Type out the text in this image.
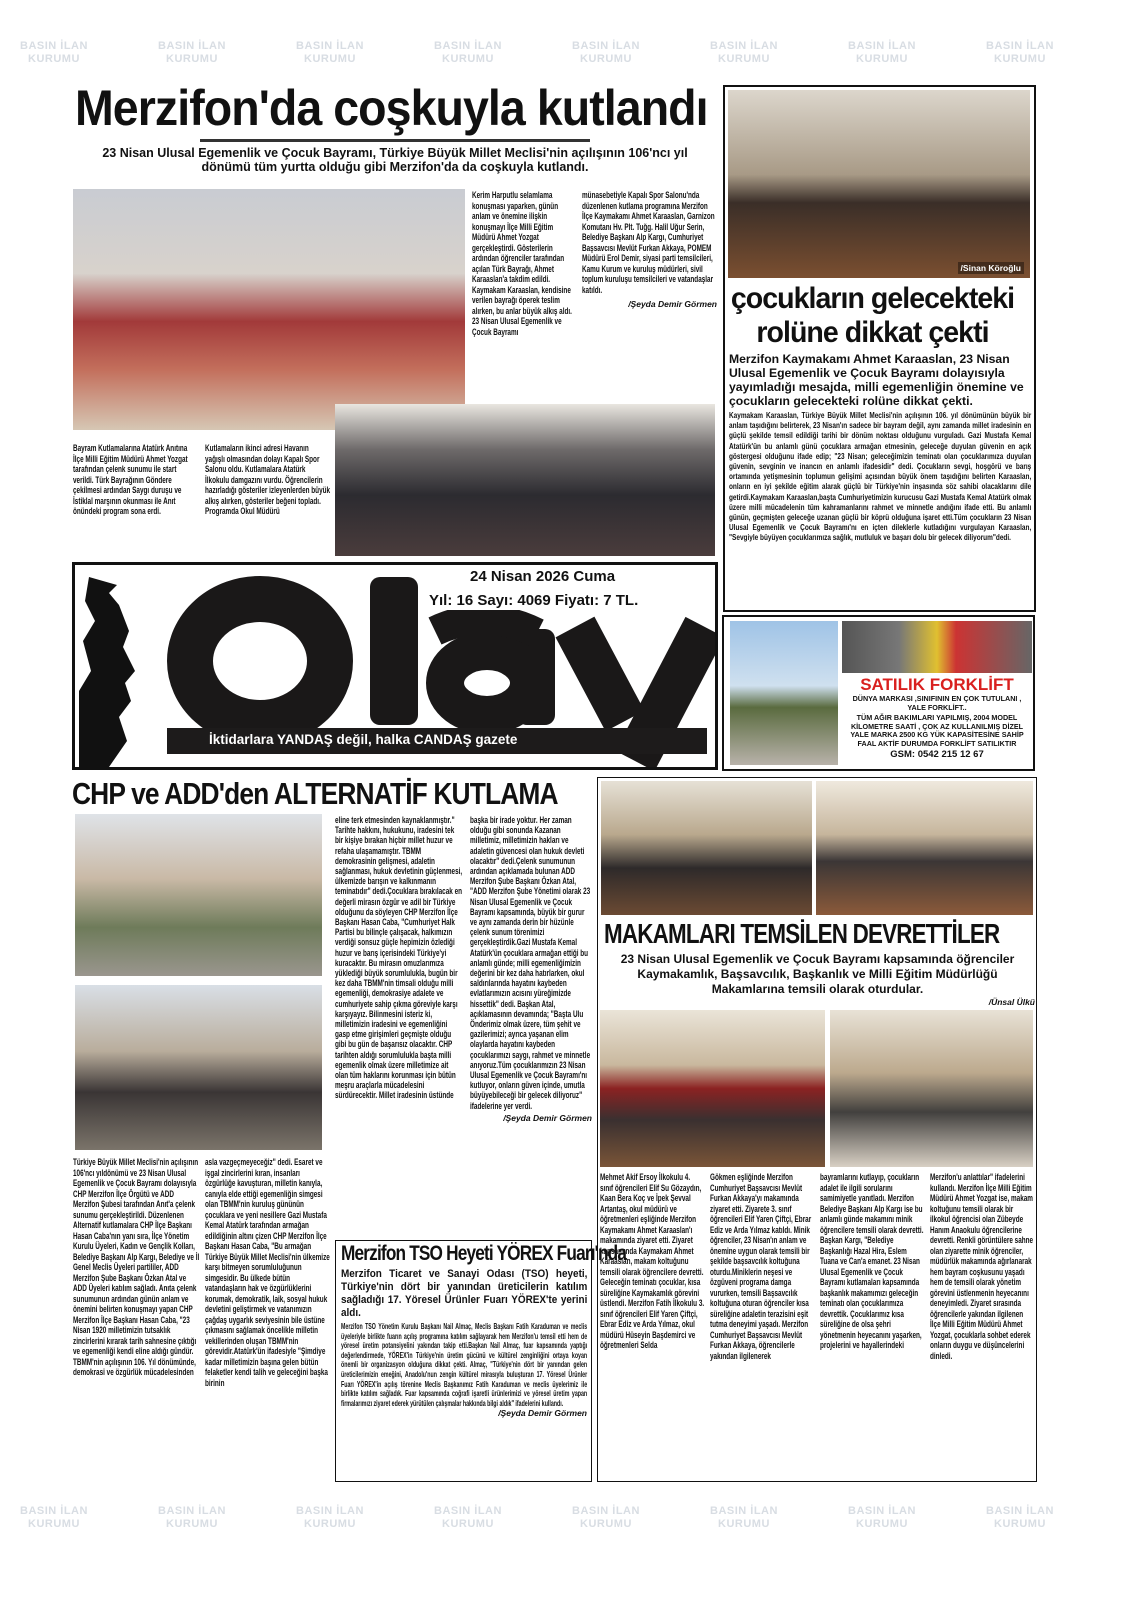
BASIN İLAN
KURUMU
BASIN İLAN
KURUMU
BASIN İLAN
KURUMU
BASIN İLAN
KURUMU
BASIN İLAN
KURUMU
BASIN İLAN
KURUMU
BASIN İLAN
KURUMU
BASIN İLAN
KURUMU
BASIN İLAN
KURUMU
BASIN İLAN
KURUMU
BASIN İLAN
KURUMU
BASIN İLAN
KURUMU
BASIN İLAN
KURUMU
BASIN İLAN
KURUMU
BASIN İLAN
KURUMU
BASIN İLAN
KURUMU
Merzifon'da coşkuyla kutlandı
23 Nisan Ulusal Egemenlik ve Çocuk Bayramı, Türkiye Büyük Millet Meclisi'nin açılışının 106'ncı yıl dönümü tüm yurtta olduğu gibi Merzifon'da da coşkuyla kutlandı.
Kerim Harputlu selamlama konuşması yaparken, günün anlam ve önemine ilişkin konuşmayı İlçe Milli Eğitim Müdürü Ahmet Yozgat gerçekleştirdi. Gösterilerin ardından öğrenciler tarafından açılan Türk Bayrağı, Ahmet Karaaslan'a takdim edildi. Kaymakam Karaaslan, kendisine verilen bayrağı öperek teslim alırken, bu anlar büyük alkış aldı. 23 Nisan Ulusal Egemenlik ve Çocuk Bayramı
münasebetiyle Kapalı Spor Salonu'nda düzenlenen kutlama programına Merzifon İlçe Kaymakamı Ahmet Karaaslan, Garnizon Komutanı Hv. Plt. Tuğg. Halil Uğur Serin, Belediye Başkanı Alp Kargı, Cumhuriyet Başsavcısı Mevlüt Furkan Akkaya, POMEM Müdürü Erol Demir, siyasi parti temsilcileri, Kamu Kurum ve kuruluş müdürleri, sivil toplum kuruluşu temsilcileri ve vatandaşlar katıldı.
/Şeyda Demir Görmen
Bayram Kutlamalarına Atatürk Anıtına İlçe Milli Eğitim Müdürü Ahmet Yozgat tarafından çelenk sunumu ile start verildi. Türk Bayrağının Göndere çekilmesi ardından Saygı duruşu ve İstiklal marşının okunması ile Anıt önündeki program sona erdi.
Kutlamaların ikinci adresi Havanın yağışlı olmasından dolayı Kapalı Spor Salonu oldu. Kutlamalara Atatürk İlkokulu damgazını vurdu. Öğrencilerin hazırladığı gösteriler izleyenlerden büyük alkış alırken, gösteriler beğeni topladı. Programda Okul Müdürü
/Sinan Köroğlu
çocukların gelecekteki
rolüne dikkat çekti
Merzifon Kaymakamı Ahmet Karaaslan, 23 Nisan Ulusal Egemenlik ve Çocuk Bayramı dolayısıyla yayımladığı mesajda, milli egemenliğin önemine ve çocukların gelecekteki rolüne dikkat çekti.
Kaymakam Karaaslan, Türkiye Büyük Millet Meclisi'nin açılışının 106. yıl dönümünün büyük bir anlam taşıdığını belirterek, 23 Nisan'ın sadece bir bayram değil, aynı zamanda millet iradesinin en güçlü şekilde temsil edildiği tarihi bir dönüm noktası olduğunu vurguladı. Gazi Mustafa Kemal Atatürk'ün bu anlamlı günü çocuklara armağan etmesinin, geleceğe duyulan güvenin en açık göstergesi olduğunu ifade edip; "23 Nisan; geleceğimizin teminatı olan çocuklarımıza duyulan güvenin, sevginin ve inancın en anlamlı ifadesidir" dedi. Çocukların sevgi, hoşgörü ve barış ortamında yetişmesinin toplumun gelişimi açısından büyük önem taşıdığını belirten Karaaslan, onların en iyi şekilde eğitim alarak güçlü bir Türkiye'nin inşasında söz sahibi olacaklarını dile getirdi.Kaymakam Karaaslan,başta Cumhuriyetimizin kurucusu Gazi Mustafa Kemal Atatürk olmak üzere milli mücadelenin tüm kahramanlarını rahmet ve minnetle andığını ifade etti. Bu anlamlı günün, geçmişten geleceğe uzanan güçlü bir köprü olduğuna işaret etti.Tüm çocukların 23 Nisan Ulusal Egemenlik ve Çocuk Bayramı'nı en içten dileklerle kutladığını vurgulayan Karaaslan, "Sevgiyle büyüyen çocuklarımıza sağlık, mutluluk ve başarı dolu bir gelecek diliyorum"dedi.
24 Nisan 2026 Cuma
Yıl: 16 Sayı: 4069 Fiyatı: 7 TL.
İktidarlara YANDAŞ değil, halka CANDAŞ gazete
SATILIK FORKLİFT
DÜNYA MARKASI ,SINIFININ EN ÇOK TUTULANI , YALE FORKLİFT..
TÜM AĞIR BAKIMLARI YAPILMIŞ, 2004 MODEL KİLOMETRE SAATİ , ÇOK AZ KULLANILMIŞ DİZEL YALE MARKA 2500 KG YÜK KAPASİTESİNE SAHİP FAAL AKTİF DURUMDA FORKLİFT SATILIKTIR
GSM: 0542 215 12 67
CHP ve ADD'den ALTERNATİF KUTLAMA
eline terk etmesinden kaynaklanmıştır." Tarihte hakkını, hukukunu, iradesini tek bir kişiye bırakan hiçbir millet huzur ve refaha ulaşamamıştır. TBMM demokrasinin gelişmesi, adaletin sağlanması, hukuk devletinin güçlenmesi, ülkemizde barışın ve kalkınmanın teminatıdır" dedi.Çocuklara bırakılacak en değerli mirasın özgür ve adil bir Türkiye olduğunu da söyleyen CHP Merzifon İlçe Başkanı Hasan Caba, "Cumhuriyet Halk Partisi bu bilinçle çalışacak, halkımızın verdiği sonsuz güçle hepimizin özlediği huzur ve barış içerisindeki Türkiye'yi kuracaktır. Bu mirasın omuzlarımıza yüklediği büyük sorumlulukla, bugün bir kez daha TBMM'nin timsali olduğu milli egemenliği, demokrasiye adalete ve cumhuriyete sahip çıkma göreviyle karşı karşıyayız. Bilinmesini isteriz ki, milletimizin iradesini ve egemenliğini gasp etme girişimleri geçmişte olduğu gibi bu gün de başarısız olacaktır. CHP tarihten aldığı sorumlulukla başta milli egemenlik olmak üzere milletimize ait olan tüm haklarını korunması için bütün meşru araçlarla mücadelesini sürdürecektir. Millet iradesinin üstünde
başka bir irade yoktur. Her zaman olduğu gibi sonunda Kazanan milletimiz, milletimizin hakları ve adaletin güvencesi olan hukuk devleti olacaktır" dedi.Çelenk sunumunun ardından açıklamada bulunan ADD Merzifon Şube Başkanı Özkan Atal, "ADD Merzifon Şube Yönetimi olarak 23 Nisan Ulusal Egemenlik ve Çocuk Bayramı kapsamında, büyük bir gurur ve aynı zamanda derin bir hüzünle çelenk sunum törenimizi gerçekleştirdik.Gazi Mustafa Kemal Atatürk'ün çocuklara armağan ettiği bu anlamlı günde; milli egemenliğimizin değerini bir kez daha hatırlarken, okul saldırılarında hayatını kaybeden evlatlarımızın acısını yüreğimizde hissettik" dedi. Başkan Atal, açıklamasının devamında; "Başta Ulu Önderimiz olmak üzere, tüm şehit ve gazilerimizi; ayrıca yaşanan elim olaylarda hayatını kaybeden çocuklarımızı saygı, rahmet ve minnetle anıyoruz.Tüm çocuklarımızın 23 Nisan Ulusal Egemenlik ve Çocuk Bayramı'nı kutluyor, onların güven içinde, umutla büyüyebileceği bir gelecek diliyoruz" ifadelerine yer verdi.
/Şeyda Demir Görmen
Türkiye Büyük Millet Meclisi'nin açılışının 106'ncı yıldönümü ve 23 Nisan Ulusal Egemenlik ve Çocuk Bayramı dolayısıyla CHP Merzifon İlçe Örgütü ve ADD Merzifon Şubesi tarafından Anıt'a çelenk sunumu gerçekleştirildi. Düzenlenen Alternatif kutlamalara CHP İlçe Başkanı Hasan Caba'nın yanı sıra, İlçe Yönetim Kurulu Üyeleri, Kadın ve Gençlik Kolları, Belediye Başkanı Alp Kargı, Belediye ve İl Genel Meclis Üyeleri partililer, ADD Merzifon Şube Başkanı Özkan Atal ve ADD Üyeleri katılım sağladı. Anıta çelenk sunumunun ardından günün anlam ve önemini belirten konuşmayı yapan CHP Merzifon İlçe Başkanı Hasan Caba, "23 Nisan 1920 milletimizin tutsaklık zincirlerini kırarak tarih sahnesine çıktığı ve egemenliği kendi eline aldığı gündür. TBMM'nin açılışının 106. Yıl dönümünde, demokrasi ve özgürlük mücadelesinden
asla vazgeçmeyeceğiz" dedi. Esaret ve işgal zincirlerini kıran, insanları özgürlüğe kavuşturan, milletin kanıyla, canıyla elde ettiği egemenliğin simgesi olan TBMM'nin kuruluş gününün çocuklara ve yeni nesillere Gazi Mustafa Kemal Atatürk tarafından armağan edildiğinin altını çizen CHP Merzifon İlçe Başkanı Hasan Caba, "Bu armağan Türkiye Büyük Millet Meclisi'nin ülkemize karşı bitmeyen sorumluluğunun simgesidir. Bu ülkede bütün vatandaşların hak ve özgürlüklerini korumak, demokratik, laik, sosyal hukuk devletini geliştirmek ve vatanımızın çağdaş uygarlık seviyesinin bile üstüne çıkmasını sağlamak öncelikle milletin vekillerinden oluşan TBMM'nin görevidir.Atatürk'ün ifadesiyle "Şimdiye kadar milletimizin başına gelen bütün felaketler kendi talih ve geleceğini başka birinin
Merzifon TSO Heyeti YÖREX Fuarı'nda
Merzifon Ticaret ve Sanayi Odası (TSO) heyeti, Türkiye'nin dört bir yanından üreticilerin katılım sağladığı 17. Yöresel Ürünler Fuarı YÖREX'te yerini aldı.
Merzifon TSO Yönetim Kurulu Başkanı Nail Almaç, Meclis Başkanı Fatih Karaduman ve meclis üyeleriyle birlikte fuarın açılış programına katılım sağlayarak hem Merzifon'u temsil etti hem de yöresel üretim potansiyelini yakından takip etti.Başkan Nail Almaç, fuar kapsamında yaptığı değerlendirmede, YÖREX'in Türkiye'nin üretim gücünü ve kültürel zenginliğini ortaya koyan önemli bir organizasyon olduğuna dikkat çekti. Almaç, "Türkiye'nin dört bir yanından gelen üreticilerimizin emeğini, Anadolu'nun zengin kültürel mirasıyla buluşturan 17. Yöresel Ürünler Fuarı YÖREX'in açılış törenine Meclis Başkanımız Fatih Karaduman ve meclis üyelerimiz ile birlikte katılım sağladık. Fuar kapsamında coğrafi işaretli ürünlerimizi ve yöresel üretim yapan firmalarımızı ziyaret ederek yürütülen çalışmalar hakkında bilgi aldık" ifadelerini kullandı.
/Şeyda Demir Görmen
MAKAMLARI TEMSİLEN DEVRETTİLER
23 Nisan Ulusal Egemenlik ve Çocuk Bayramı kapsamında öğrenciler Kaymakamlık, Başsavcılık, Başkanlık ve Milli Eğitim Müdürlüğü Makamlarına temsili olarak oturdular.
/Ünsal Ülkü
Mehmet Akif Ersoy İlkokulu 4. sınıf öğrencileri Elif Su Gözaydın, Kaan Bera Koç ve İpek Şevval Artantaş, okul müdürü ve öğretmenleri eşliğinde Merzifon Kaymakamı Ahmet Karaaslan'ı makamında ziyaret etti. Ziyaret kapsamında Kaymakam Ahmet Karaaslan, makam koltuğunu temsili olarak öğrencilere devretti. Geleceğin teminatı çocuklar, kısa süreliğine Kaymakamlık görevini üstlendi. Merzifon Fatih İlkokulu 3. sınıf öğrencileri Elif Yaren Çiftçi, Ebrar Ediz ve Arda Yılmaz, okul müdürü Hüseyin Başdemirci ve öğretmenleri Selda
Gökmen eşliğinde Merzifon Cumhuriyet Başsavcısı Mevlüt Furkan Akkaya'yı makamında ziyaret etti. Ziyarete 3. sınıf öğrencileri Elif Yaren Çiftçi, Ebrar Ediz ve Arda Yılmaz katıldı. Minik öğrenciler, 23 Nisan'ın anlam ve önemine uygun olarak temsili bir şekilde başsavcılık koltuğuna oturdu.Miniklerin neşesi ve özgüveni programa damga vururken, temsili Başsavcılık koltuğuna oturan öğrenciler kısa süreliğine adaletin terazisini eşit tutma deneyimi yaşadı. Merzifon Cumhuriyet Başsavcısı Mevlüt Furkan Akkaya, öğrencilerle yakından ilgilenerek
bayramlarını kutlayıp, çocukların adalet ile ilgili sorularını samimiyetle yanıtladı. Merzifon Belediye Başkanı Alp Kargı ise bu anlamlı günde makamını minik öğrencilere temsili olarak devretti. Başkan Kargı, "Belediye Başkanlığı Hazal Hira, Eslem Tuana ve Can'a emanet. 23 Nisan Ulusal Egemenlik ve Çocuk Bayramı kutlamaları kapsamında başkanlık makamımızı geleceğin teminatı olan çocuklarımıza devrettik. Çocuklarımız kısa süreliğine de olsa şehri yönetmenin heyecanını yaşarken, projelerini ve hayallerindeki
Merzifon'u anlattılar" ifadelerini kullandı. Merzifon İlçe Milli Eğitim Müdürü Ahmet Yozgat ise, makam koltuğunu temsili olarak bir ilkokul öğrencisi olan Zübeyde Hanım Anaokulu öğrencilerine devretti. Renkli görüntülere sahne olan ziyarette minik öğrenciler, müdürlük makamında ağırlanarak hem bayram coşkusunu yaşadı hem de temsili olarak yönetim görevini üstlenmenin heyecanını deneyimledi. Ziyaret sırasında öğrencilerle yakından ilgilenen İlçe Milli Eğitim Müdürü Ahmet Yozgat, çocuklarla sohbet ederek onların duygu ve düşüncelerini dinledi.
